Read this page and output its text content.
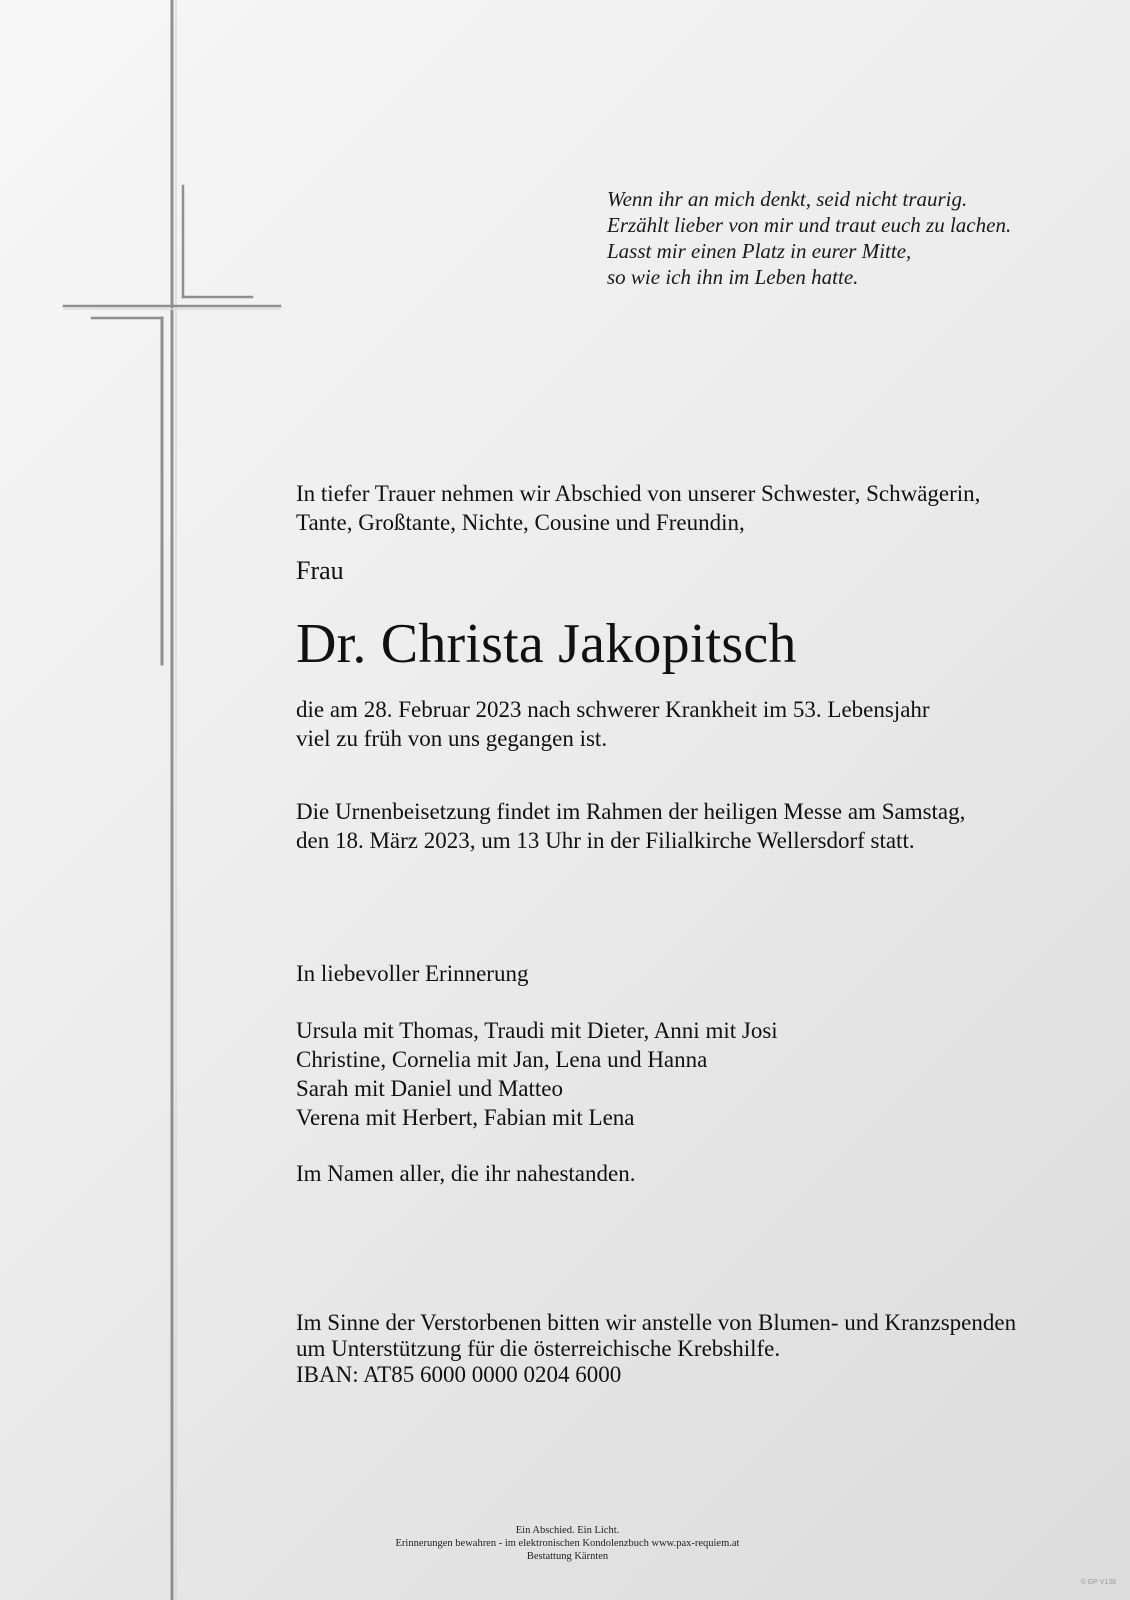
Wenn ihr an mich denkt, seid nicht traurig.
Erzählt lieber von mir und traut euch zu lachen.
Lasst mir einen Platz in eurer Mitte,
so wie ich ihn im Leben hatte.
In tiefer Trauer nehmen wir Abschied von unserer Schwester, Schwägerin,
Tante, Großtante, Nichte, Cousine und Freundin,
Frau
Dr. Christa Jakopitsch
die am 28. Februar 2023 nach schwerer Krankheit im 53. Lebensjahr
viel zu früh von uns gegangen ist.
Die Urnenbeisetzung findet im Rahmen der heiligen Messe am Samstag,
den 18. März 2023, um 13 Uhr in der Filialkirche Wellersdorf statt.
In liebevoller Erinnerung
Ursula mit Thomas, Traudi mit Dieter, Anni mit Josi
Christine, Cornelia mit Jan, Lena und Hanna
Sarah mit Daniel und Matteo
Verena mit Herbert, Fabian mit Lena
Im Namen aller, die ihr nahestanden.
Im Sinne der Verstorbenen bitten wir anstelle von Blumen- und Kranzspenden
um Unterstützung für die österreichische Krebshilfe.
IBAN: AT85 6000 0000 0204 6000
Ein Abschied. Ein Licht.
Erinnerungen bewahren - im elektronischen Kondolenzbuch www.pax-requiem.at
Bestattung Kärnten
© GP V138
